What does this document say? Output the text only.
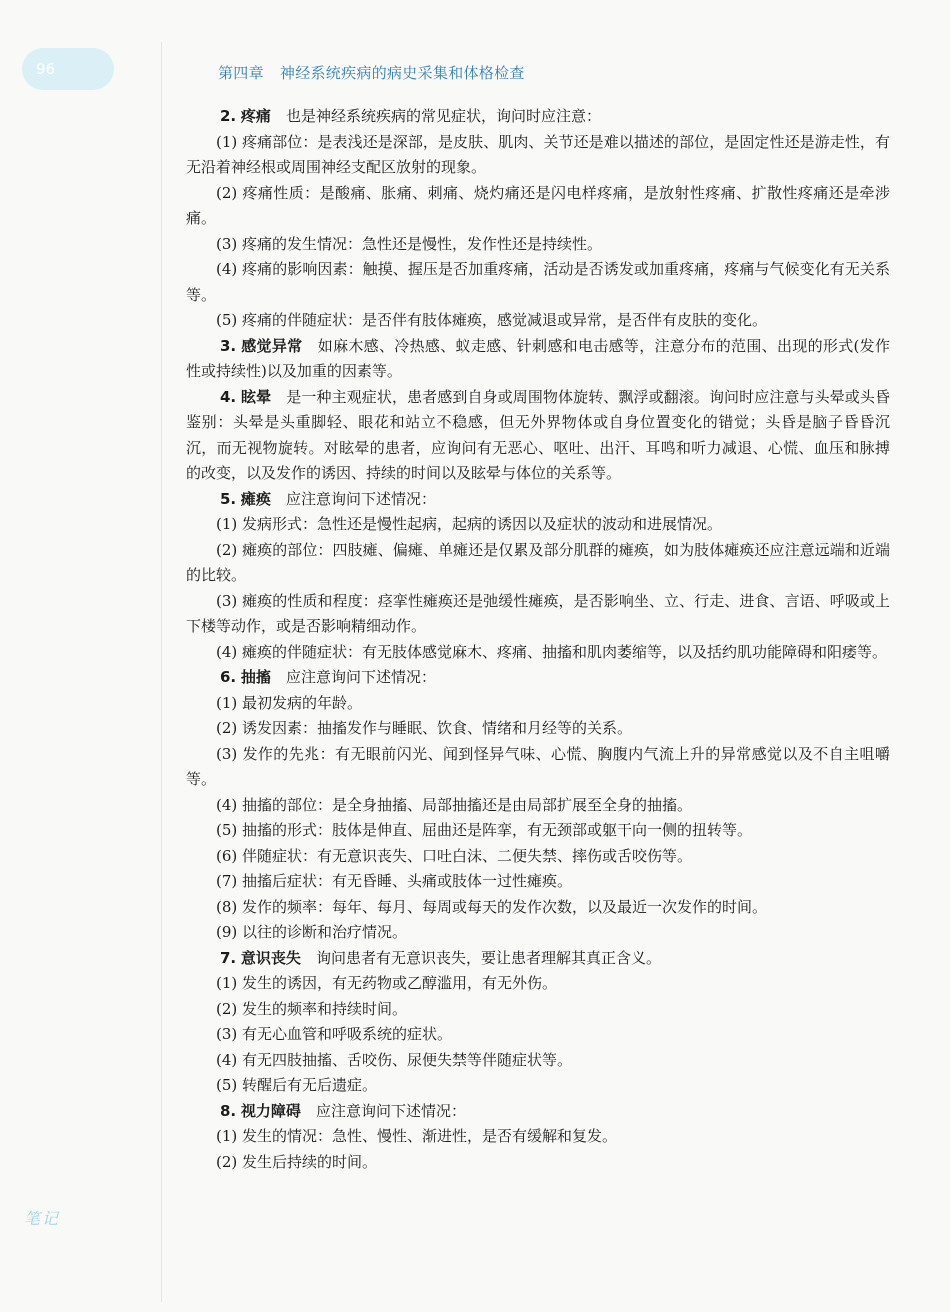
96	第四章 神经系统疾病的病史采集和体格检查
笔记

2. 疼痛　 也是神经系统疾病的常见症状，询问时应注意：

(1) 疼痛部位：是表浅还是深部，是皮肤、肌肉、关节还是难以描述的部位，是固定性还是游走性，有无沿着神经根或周围神经支配区放射的现象。

(2) 疼痛性质：是酸痛、胀痛、刺痛、烧灼痛还是闪电样疼痛，是放射性疼痛、扩散性疼痛还是牵涉痛。

(3) 疼痛的发生情况：急性还是慢性，发作性还是持续性。

(4) 疼痛的影响因素：触摸、握压是否加重疼痛，活动是否诱发或加重疼痛，疼痛与气候变化有无关系等。

(5) 疼痛的伴随症状：是否伴有肢体瘫痪，感觉减退或异常，是否伴有皮肤的变化。

3. 感觉异常　 如麻木感、冷热感、蚁走感、针刺感和电击感等，注意分布的范围、出现的形式(发作性或持续性)以及加重的因素等。

4. 眩晕　 是一种主观症状，患者感到自身或周围物体旋转、飘浮或翻滚。询问时应注意与头晕或头昏鉴别：头晕是头重脚轻、眼花和站立不稳感，但无外界物体或自身位置变化的错觉；头昏是脑子昏昏沉沉，而无视物旋转。对眩晕的患者，应询问有无恶心、呕吐、出汗、耳鸣和听力减退、心慌、血压和脉搏的改变，以及发作的诱因、持续的时间以及眩晕与体位的关系等。

5. 瘫痪　 应注意询问下述情况：

(1) 发病形式：急性还是慢性起病，起病的诱因以及症状的波动和进展情况。

(2) 瘫痪的部位：四肢瘫、偏瘫、单瘫还是仅累及部分肌群的瘫痪，如为肢体瘫痪还应注意远端和近端的比较。

(3) 瘫痪的性质和程度：痉挛性瘫痪还是弛缓性瘫痪，是否影响坐、立、行走、进食、言语、呼吸或上下楼等动作，或是否影响精细动作。

(4) 瘫痪的伴随症状：有无肢体感觉麻木、疼痛、抽搐和肌肉萎缩等，以及括约肌功能障碍和阳痿等。

6. 抽搐　 应注意询问下述情况：

(1) 最初发病的年龄。

(2) 诱发因素：抽搐发作与睡眠、饮食、情绪和月经等的关系。

(3) 发作的先兆：有无眼前闪光、闻到怪异气味、心慌、胸腹内气流上升的异常感觉以及不自主咀嚼等。

(4) 抽搐的部位：是全身抽搐、局部抽搐还是由局部扩展至全身的抽搐。

(5) 抽搐的形式：肢体是伸直、屈曲还是阵挛，有无颈部或躯干向一侧的扭转等。

(6) 伴随症状：有无意识丧失、口吐白沫、二便失禁、摔伤或舌咬伤等。

(7) 抽搐后症状：有无昏睡、头痛或肢体一过性瘫痪。

(8) 发作的频率：每年、每月、每周或每天的发作次数，以及最近一次发作的时间。

(9) 以往的诊断和治疗情况。

7. 意识丧失　 询问患者有无意识丧失，要让患者理解其真正含义。

(1) 发生的诱因，有无药物或乙醇滥用，有无外伤。

(2) 发生的频率和持续时间。

(3) 有无心血管和呼吸系统的症状。

(4) 有无四肢抽搐、舌咬伤、尿便失禁等伴随症状等。

(5) 转醒后有无后遗症。

8. 视力障碍　 应注意询问下述情况：

(1) 发生的情况：急性、慢性、渐进性，是否有缓解和复发。

(2) 发生后持续的时间。
